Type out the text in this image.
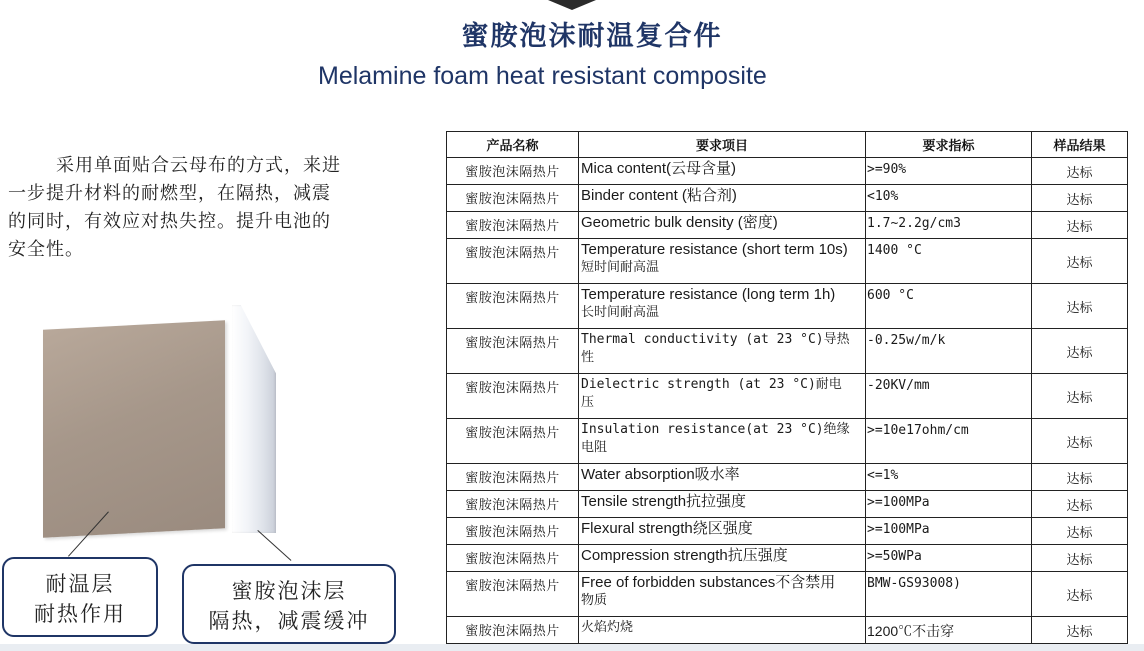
蜜胺泡沫耐温复合件
Melamine foam heat resistant composite

采用单面贴合云母布的方式，来进一步提升材料的耐燃型，在隔热，减震的同时，有效应对热失控。提升电池的安全性。

耐温层
耐热作用
蜜胺泡沫层
隔热，减震缓冲
产品名称	要求项目	要求指标	样品结果
蜜胺泡沫隔热片	Mica content(云母含量)	>=90%	达标
蜜胺泡沫隔热片	Binder content (粘合剂)	<10%	达标
蜜胺泡沫隔热片	Geometric bulk density (密度)	1.7~2.2g/cm3	达标
蜜胺泡沫隔热片	Temperature resistance (short term 10s)
短时间耐高温	1400 °C	达标
蜜胺泡沫隔热片	Temperature resistance (long term 1h)
长时间耐高温	600 °C	达标
蜜胺泡沫隔热片	Thermal conductivity (at 23 °C)导热
性	-0.25w/m/k	达标
蜜胺泡沫隔热片	Dielectric strength (at 23 °C)耐电
压	-20KV/mm	达标
蜜胺泡沫隔热片	Insulation resistance(at 23 °C)绝缘
电阻	>=10e17ohm/cm	达标
蜜胺泡沫隔热片	Water absorption吸水率	<=1%	达标
蜜胺泡沫隔热片	Tensile strength抗拉强度	>=100MPa	达标
蜜胺泡沫隔热片	Flexural strength绕区强度	>=100MPa	达标
蜜胺泡沫隔热片	Compression strength抗压强度	>=50WPa	达标
蜜胺泡沫隔热片	Free of forbidden substances不含禁用
物质	BMW-GS93008)	达标
蜜胺泡沫隔热片	火焰灼烧	1200℃不击穿	达标
